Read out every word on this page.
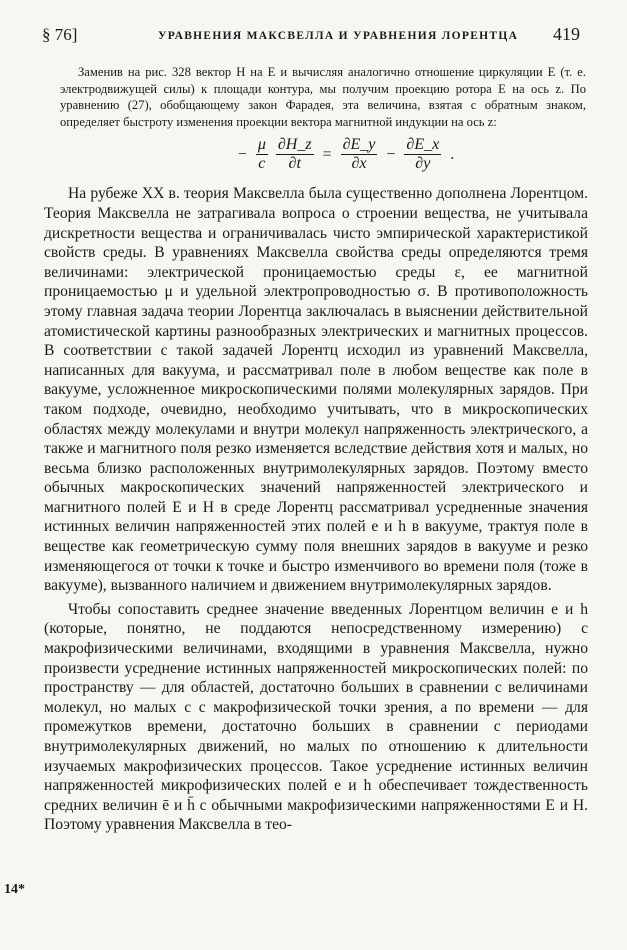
§ 76]	УРАВНЕНИЯ МАКСВЕЛЛА И УРАВНЕНИЯ ЛОРЕНТЦА 419
Заменив на рис. 328 вектор H на E и вычисляя аналогично отношение циркуляции E (т. е. электродвижущей силы) к площади контура, мы получим проекцию ротора E на ось z. По уравнению (27), обобщающему закон Фарадея, эта величина, взятая с обратным знаком, определяет быстроту изменения проекции вектора магнитной индукции на ось z:
− $\frac{\mu}{c}$
$\frac{\partial H\_z}{\partial t} = \frac{\partial E\_y}{\partial x} - \frac{\partial E\_x}{\partial y}$ .
На рубеже XX в. теория Максвелла была существенно дополнена Лорентцом. Теория Максвелла не затрагивала вопроса о строении вещества, не учитывала дискретности вещества и ограничивалась чисто эмпирической характеристикой свойств среды. В уравнениях Максвелла свойства среды определяются тремя величинами: электрической проницаемостью среды ε, ее магнитной проницаемостью μ и удельной электропроводностью σ. В противоположность этому главная задача теории Лорентца заключалась в выяснении действительной атомистической картины разнообразных электрических и магнитных процессов. В соответствии с такой задачей Лорентц исходил из уравнений Максвелла, написанных для вакуума, и рассматривал поле в любом веществе как поле в вакууме, усложненное микроскопическими полями молекулярных зарядов. При таком подходе, очевидно, необходимо учитывать, что в микроскопических областях между молекулами и внутри молекул напряженность электрического, а также и магнитного поля резко изменяется вследствие действия хотя и малых, но весьма близко расположенных внутримолекулярных зарядов. Поэтому вместо обычных макроскопических значений напряженностей электрического и магнитного полей E и H в среде Лорентц рассматривал усредненные значения истинных величин напряженностей этих полей e и h в вакууме, трактуя поле в веществе как геометрическую сумму поля внешних зарядов в вакууме и резко изменяющегося от точки к точке и быстро изменчивого во времени поля (тоже в вакууме), вызванного наличием и движением внутримолекулярных зарядов.
Чтобы сопоставить среднее значение введенных Лорентцом величин e и h (которые, понятно, не поддаются непосредственному измерению) с макрофизическими величинами, входящими в уравнения Максвелла, нужно произвести усреднение истинных напряженностей микроскопических полей: по пространству — для областей, достаточно больших в сравнении с величинами молекул, но малых с с макрофизической точки зрения, а по времени — для промежутков времени, достаточно больших в сравнении с периодами внутримолекулярных движений, но малых по отношению к длительности изучаемых макрофизических процессов. Такое усреднение истинных величин напряженностей микрофизических полей e и h обеспечивает тождественность средних величин ē и h̄ с обычными макрофизическими напряженностями E и H. Поэтому уравнения Максвелла в тео-
14*
